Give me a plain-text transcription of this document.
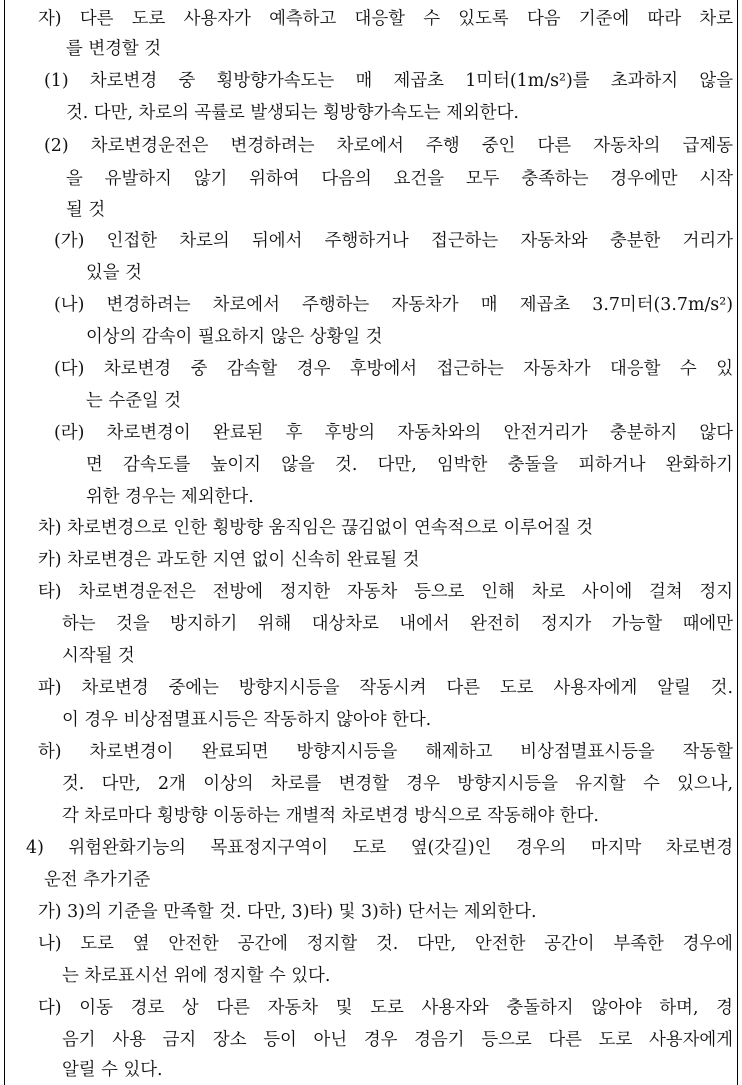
자) 다른 도로 사용자가 예측하고 대응할 수 있도록 다음 기준에 따라 차로
를 변경할 것
(1) 차로변경 중 횡방향가속도는 매 제곱초 1미터(1m/s²)를 초과하지 않을
것. 다만, 차로의 곡률로 발생되는 횡방향가속도는 제외한다.
(2) 차로변경운전은 변경하려는 차로에서 주행 중인 다른 자동차의 급제동
을 유발하지 않기 위하여 다음의 요건을 모두 충족하는 경우에만 시작
될 것
(가) 인접한 차로의 뒤에서 주행하거나 접근하는 자동차와 충분한 거리가
있을 것
(나) 변경하려는 차로에서 주행하는 자동차가 매 제곱초 3.7미터(3.7m/s²)
이상의 감속이 필요하지 않은 상황일 것
(다) 차로변경 중 감속할 경우 후방에서 접근하는 자동차가 대응할 수 있
는 수준일 것
(라) 차로변경이 완료된 후 후방의 자동차와의 안전거리가 충분하지 않다
면 감속도를 높이지 않을 것. 다만, 임박한 충돌을 피하거나 완화하기
위한 경우는 제외한다.
차) 차로변경으로 인한 횡방향 움직임은 끊김없이 연속적으로 이루어질 것
카) 차로변경은 과도한 지연 없이 신속히 완료될 것
타) 차로변경운전은 전방에 정지한 자동차 등으로 인해 차로 사이에 걸쳐 정지
하는 것을 방지하기 위해 대상차로 내에서 완전히 정지가 가능할 때에만
시작될 것
파) 차로변경 중에는 방향지시등을 작동시켜 다른 도로 사용자에게 알릴 것.
이 경우 비상점멸표시등은 작동하지 않아야 한다.
하) 차로변경이 완료되면 방향지시등을 해제하고 비상점멸표시등을 작동할
것. 다만, 2개 이상의 차로를 변경할 경우 방향지시등을 유지할 수 있으나,
각 차로마다 횡방향 이동하는 개별적 차로변경 방식으로 작동해야 한다.
4) 위험완화기능의 목표정지구역이 도로 옆(갓길)인 경우의 마지막 차로변경
운전 추가기준
가) 3)의 기준을 만족할 것. 다만, 3)타) 및 3)하) 단서는 제외한다.
나) 도로 옆 안전한 공간에 정지할 것. 다만, 안전한 공간이 부족한 경우에
는 차로표시선 위에 정지할 수 있다.
다) 이동 경로 상 다른 자동차 및 도로 사용자와 충돌하지 않아야 하며, 경
음기 사용 금지 장소 등이 아닌 경우 경음기 등으로 다른 도로 사용자에게
알릴 수 있다.
